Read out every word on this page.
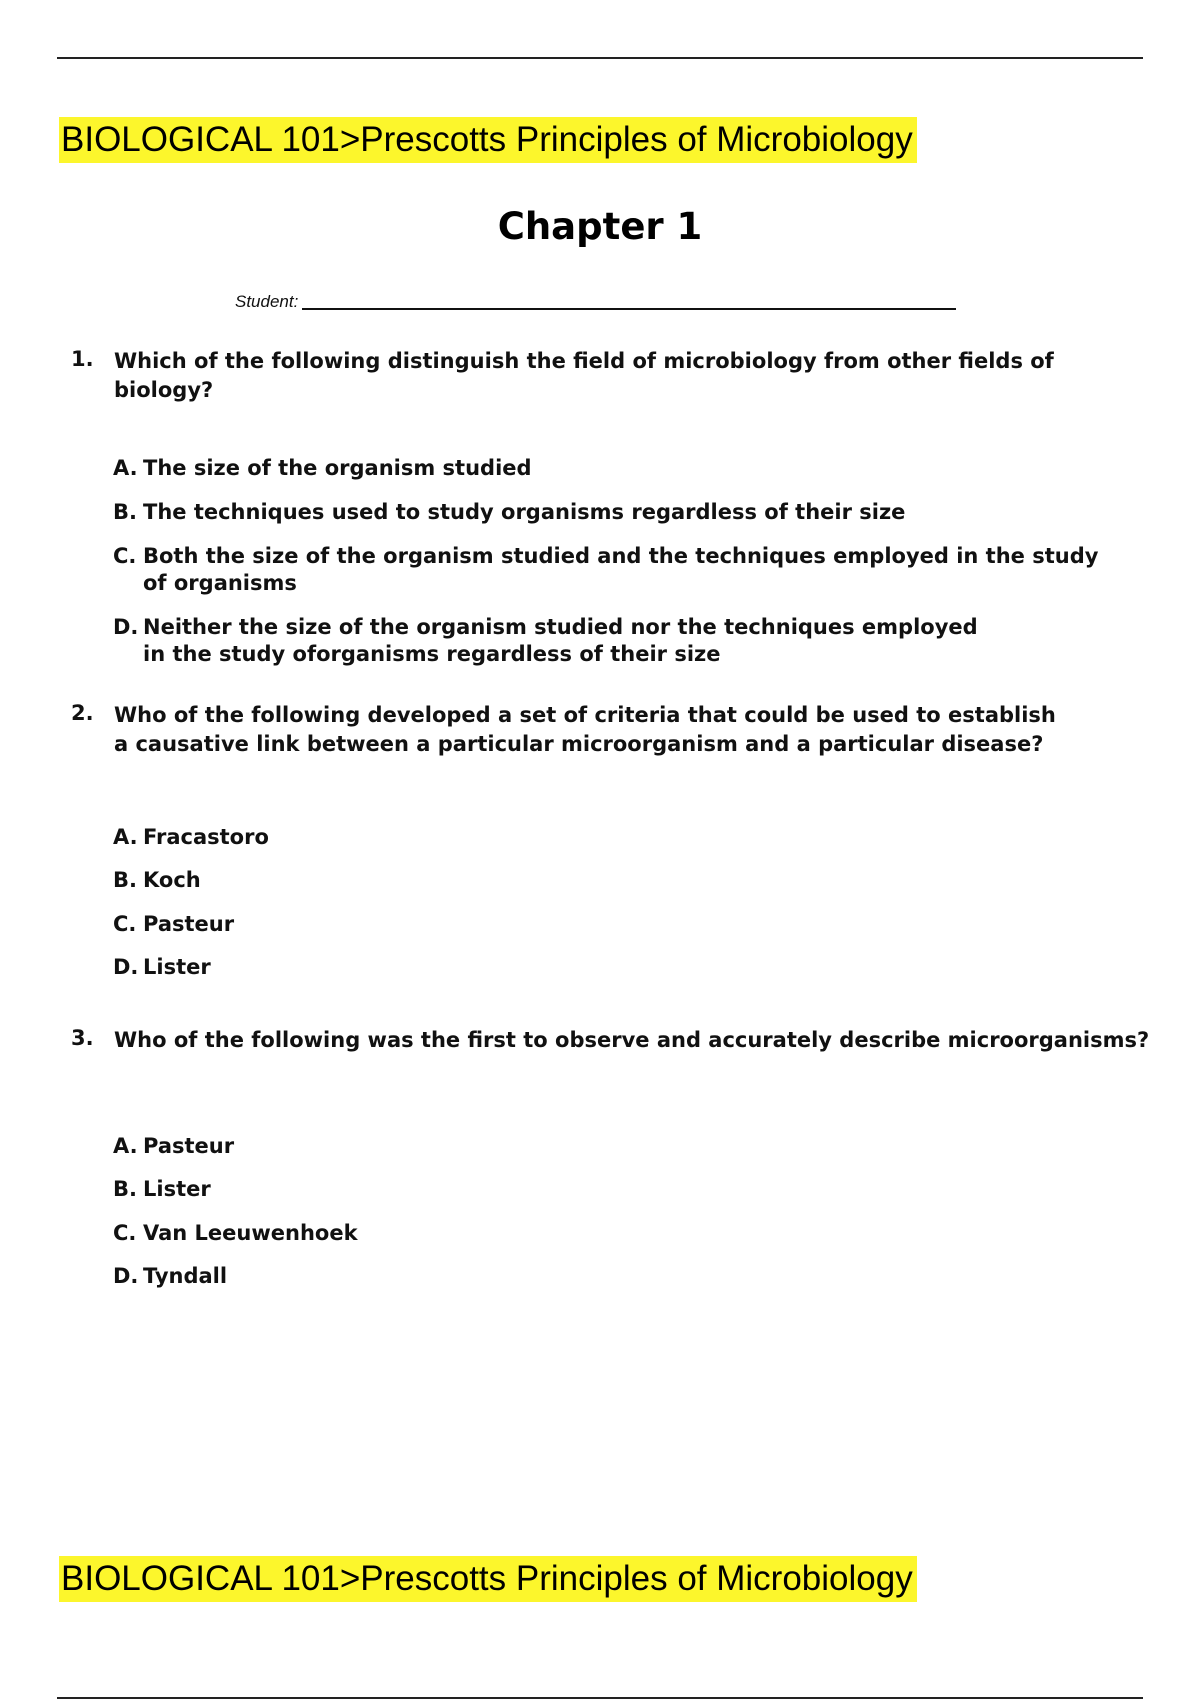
BIOLOGICAL 101>Prescotts Principles of Microbiology
Chapter 1
Student:
1. Which of the following distinguish the field of microbiology from other fields of biology?
A. The size of the organism studied
B. The techniques used to study organisms regardless of their size
C. Both the size of the organism studied and the techniques employed in the study of organisms
D. Neither the size of the organism studied nor the techniques employed in the study oforganisms regardless of their size
2. Who of the following developed a set of criteria that could be used to establish a causative link between a particular microorganism and a particular disease?
A. Fracastoro
B. Koch
C. Pasteur
D. Lister
3. Who of the following was the first to observe and accurately describe microorganisms?
A. Pasteur
B. Lister
C. Van Leeuwenhoek
D. Tyndall
BIOLOGICAL 101>Prescotts Principles of Microbiology
